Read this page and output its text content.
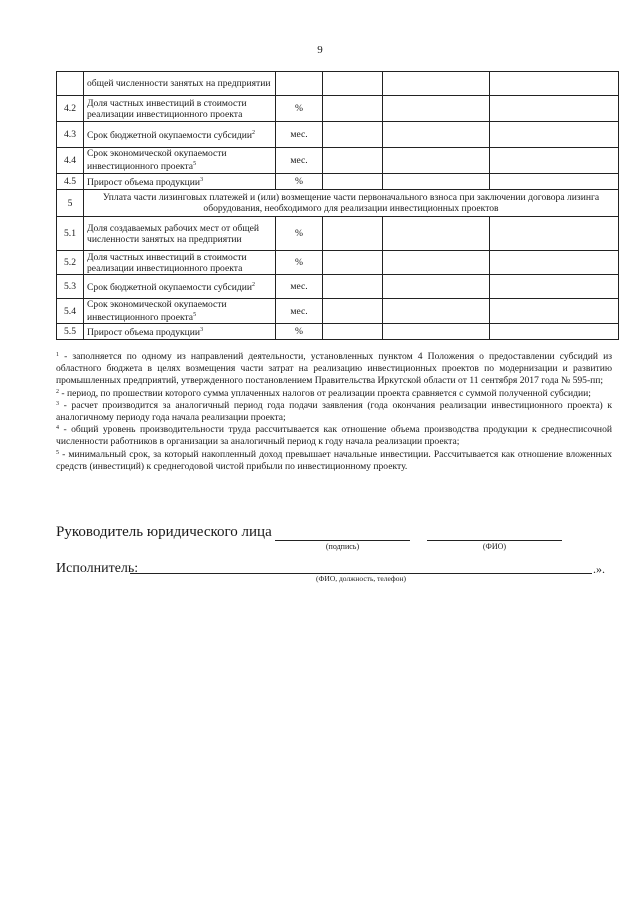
9
	общей численности занятых на предприятии				
4.2	Доля частных инвестиций в стоимости реализации инвестиционного проекта	%			
4.3	Срок бюджетной окупаемости субсидии$^2$	мес.			
4.4	Срок экономической окупаемости инвестиционного проекта$^5$	мес.			
4.5	Прирост объема продукции$^3$	%			
5	Уплата части лизинговых платежей и (или) возмещение части первоначального взноса при заключении договора лизинга оборудования, необходимого для реализации инвестиционных проектов				
5.1	Доля создаваемых рабочих мест от общей численности занятых на предприятии	%			
5.2	Доля частных инвестиций в стоимости реализации инвестиционного проекта	%			
5.3	Срок бюджетной окупаемости субсидии$^2$	мес.			
5.4	Срок экономической окупаемости инвестиционного проекта$^5$	мес.			
5.5	Прирост объема продукции$^3$	%			

$^1$ - заполняется по одному из направлений деятельности, установленных пунктом 4 Положения о предоставлении субсидий из областного бюджета в целях возмещения части затрат на реализацию инвестиционных проектов по модернизации и развитию промышленных предприятий, утвержденного постановлением Правительства Иркутской области от 11 сентября 2017 года № 595-пп;

$^2$ - период, по прошествии которого сумма уплаченных налогов от реализации проекта сравняется с суммой полученной субсидии;

$^3$ - расчет производится за аналогичный период года подачи заявления (года окончания реализации инвестиционного проекта) к аналогичному периоду года начала реализации проекта;

$^4$ - общий уровень производительности труда рассчитывается как отношение объема производства продукции к среднесписочной численности работников в организации за аналогичный период к году начала реализации проекта;

$^5$ - минимальный срок, за который накопленный доход превышает начальные инвестиции. Рассчитывается как отношение вложенных средств (инвестиций) к среднегодовой чистой прибыли по инвестиционному проекту.

Руководитель юридического лица
(подпись)	(ФИО)
Исполнитель:	.».
(ФИО, должность, телефон)
